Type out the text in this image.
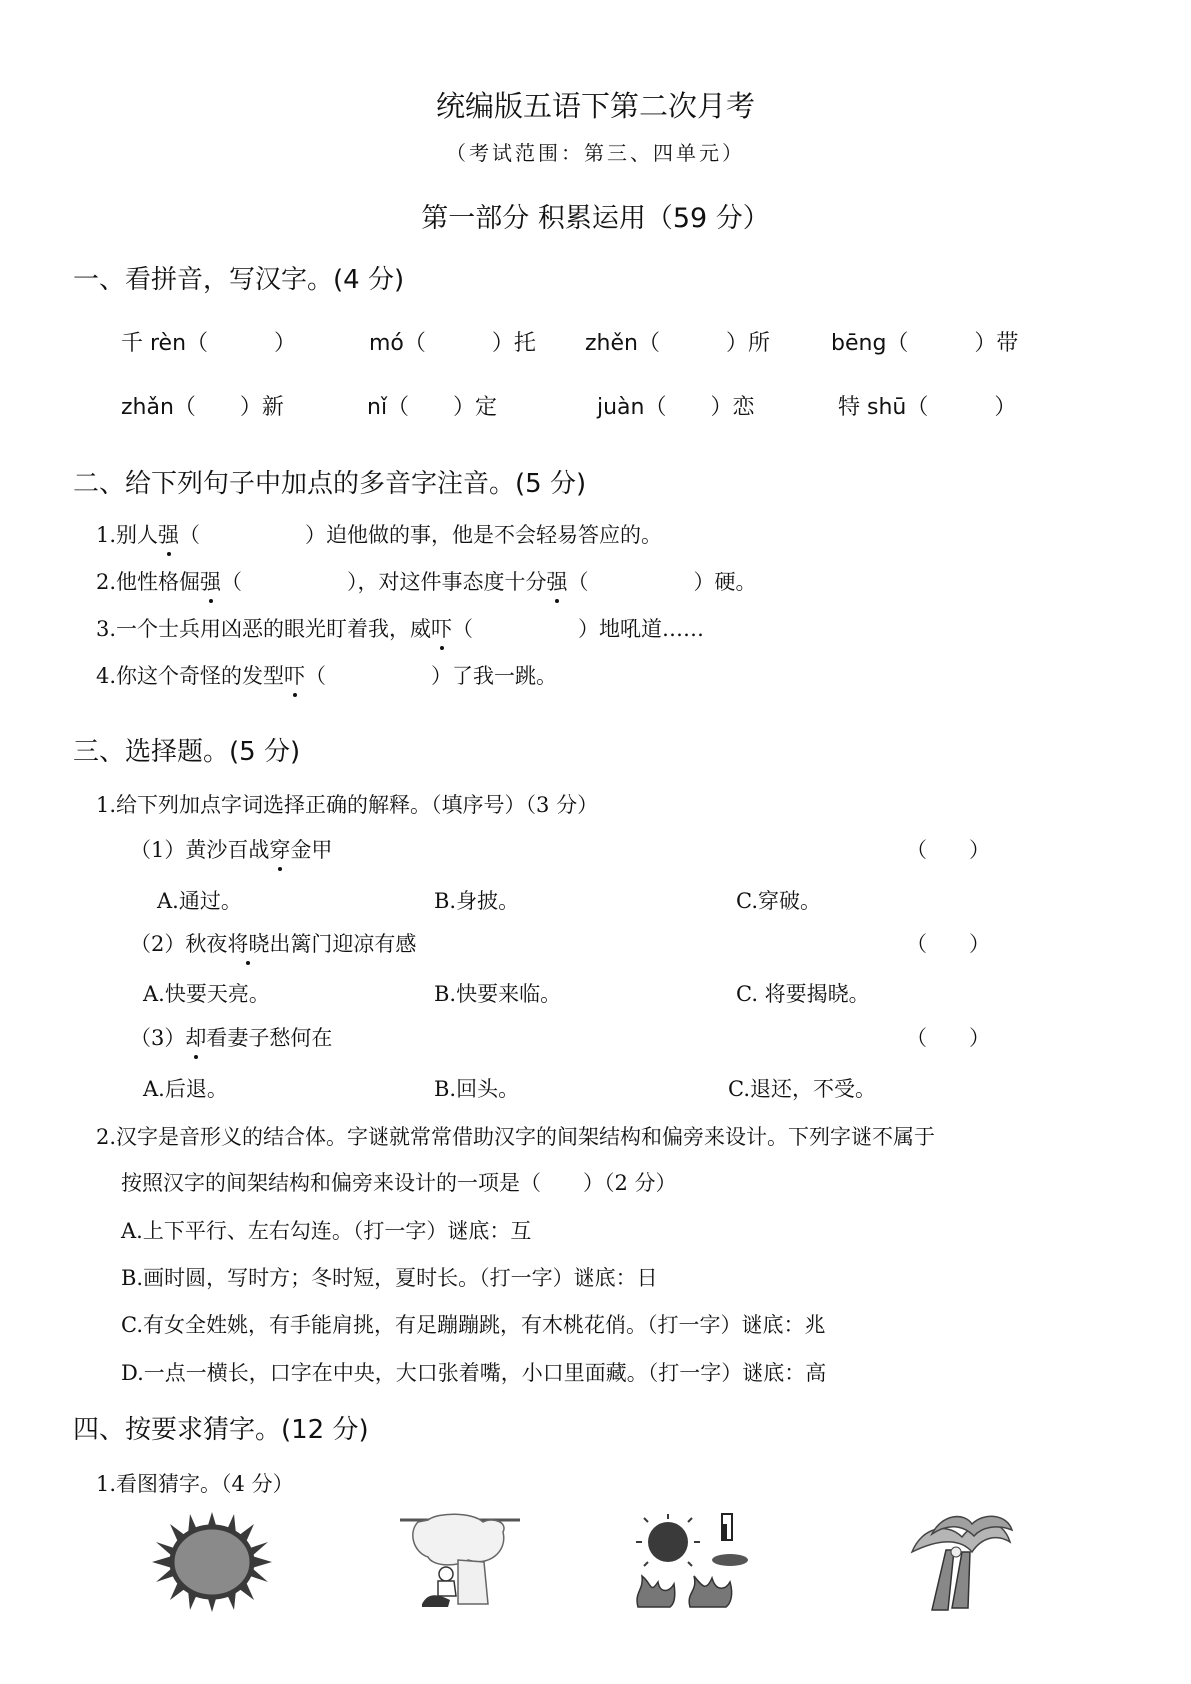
统编版五语下第二次月考
（考试范围：第三、四单元）
第一部分 积累运用（59 分）
一、看拼音，写汉字。(4 分)
千 rèn（　　　）	mó（　　　）托 zhěn（　　　）所	bēng（　　　）带
zhǎn（　　）新	nǐ（　　）定	juàn（　　）恋	特 shū（　　　）
二、给下列句子中加点的多音字注音。(5 分)
1.别人强（　　　　　）迫他做的事，他是不会轻易答应的。
2.他性格倔强（　　　　　），对这件事态度十分强（　　　　　）硬。
3.一个士兵用凶恶的眼光盯着我，威吓（　　　　　）地吼道……
4.你这个奇怪的发型吓（　　　　　）了我一跳。
三、选择题。(5 分)
1.给下列加点字词选择正确的解释。（填序号）（3 分）
（1）黄沙百战穿金甲	（　　）
A.通过。	B.身披。	C.穿破。
（2）秋夜将晓出篱门迎凉有感	（　　）
A.快要天亮。	B.快要来临。	C. 将要揭晓。
（3）却看妻子愁何在	（　　）
A.后退。	B.回头。	C.退还，不受。
2.汉字是音形义的结合体。字谜就常常借助汉字的间架结构和偏旁来设计。下列字谜不属于
按照汉字的间架结构和偏旁来设计的一项是（　　）（2 分）
A.上下平行、左右勾连。（打一字）谜底：互
B.画时圆，写时方；冬时短，夏时长。（打一字）谜底：日
C.有女全姓姚，有手能肩挑，有足蹦蹦跳，有木桃花俏。（打一字）谜底：兆
D.一点一横长，口字在中央，大口张着嘴，小口里面藏。（打一字）谜底：高
四、按要求猜字。(12 分)
1.看图猜字。（4 分）
